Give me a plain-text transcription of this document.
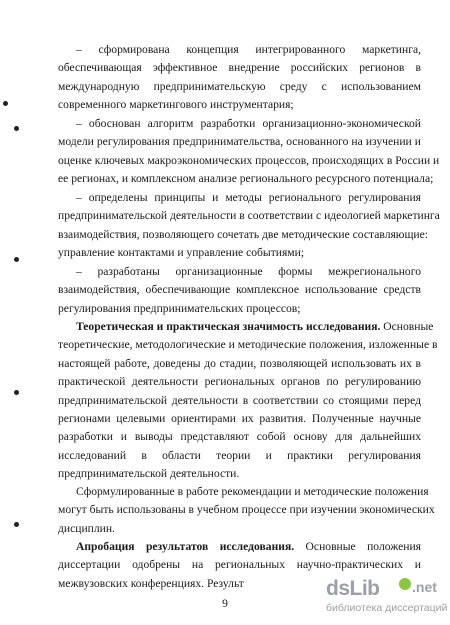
– сформирована концепция интегрированного маркетинга,
обеспечивающая эффективное внедрение российских регионов в
международную предпринимательскую среду с использованием
современного маркетингового инструментария;
– обоснован алгоритм разработки организационно-экономической
модели регулирования предпринимательства, основанного на изучении и
оценке ключевых макроэкономических процессов, происходящих в России и
ее регионах, и комплексном анализе регионального ресурсного потенциала;
– определены принципы и методы регионального регулирования
предпринимательской деятельности в соответствии с идеологией маркетинга
взаимодействия, позволяющего сочетать две методические составляющие:
управление контактами и управление событиями;
– разработаны организационные формы межрегионального
взаимодействия, обеспечивающие комплексное использование средств
регулирования предпринимательских процессов;
Теоретическая и практическая значимость исследования. Основные
теоретические, методологические и методические положения, изложенные в
настоящей работе, доведены до стадии, позволяющей использовать их в
практической деятельности региональных органов по регулированию
предпринимательской деятельности в соответствии со стоящими перед
регионами целевыми ориентирами их развития. Полученные научные
разработки и выводы представляют собой основу для дальнейших
исследований в области теории и практики регулирования
предпринимательской деятельности.
Сформулированные в работе рекомендации и методические положения
могут быть использованы в учебном процессе при изучении экономических
дисциплин.
Апробация результатов исследования. Основные положения
диссертации одобрены на региональных научно-практических и
межвузовских конференциях. Результ
9
dsLib .net
библиотека диссертаций
